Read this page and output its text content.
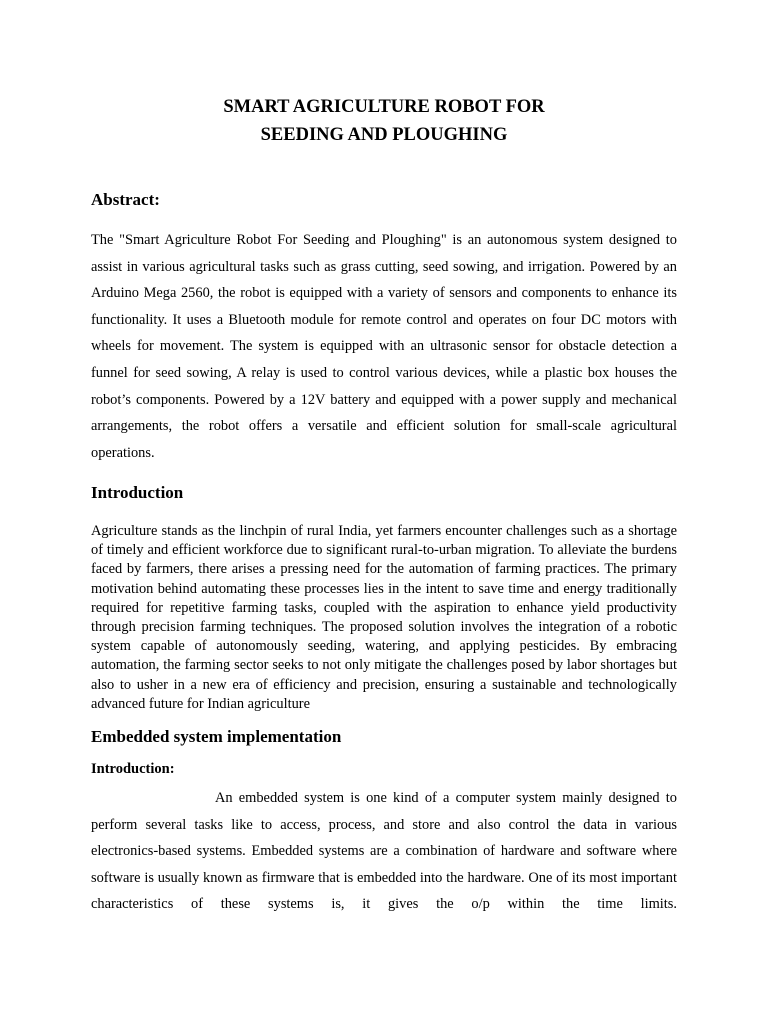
SMART AGRICULTURE ROBOT FOR
SEEDING AND PLOUGHING
Abstract:

The "Smart Agriculture Robot For Seeding and Ploughing" is an autonomous system designed to assist in various agricultural tasks such as grass cutting, seed sowing, and irrigation. Powered by an Arduino Mega 2560, the robot is equipped with a variety of sensors and components to enhance its functionality. It uses a Bluetooth module for remote control and operates on four DC motors with wheels for movement. The system is equipped with an ultrasonic sensor for obstacle detection a funnel for seed sowing, A relay is used to control various devices, while a plastic box houses the robot’s components. Powered by a 12V battery and equipped with a power supply and mechanical arrangements, the robot offers a versatile and efficient solution for small-scale agricultural operations.

Introduction

Agriculture stands as the linchpin of rural India, yet farmers encounter challenges such as a shortage of timely and efficient workforce due to significant rural-to-urban migration. To alleviate the burdens faced by farmers, there arises a pressing need for the automation of farming practices. The primary motivation behind automating these processes lies in the intent to save time and energy traditionally required for repetitive farming tasks, coupled with the aspiration to enhance yield productivity through precision farming techniques. The proposed solution involves the integration of a robotic system capable of autonomously seeding, watering, and applying pesticides. By embracing automation, the farming sector seeks to not only mitigate the challenges posed by labor shortages but also to usher in a new era of efficiency and precision, ensuring a sustainable and technologically advanced future for Indian agriculture

Embedded system implementation
Introduction:

An embedded system is one kind of a computer system mainly designed to perform several tasks like to access, process, and store and also control the data in various electronics-based systems. Embedded systems are a combination of hardware and software where software is usually known as firmware that is embedded into the hardware. One of its most important characteristics of these systems is, it gives the o/p within the time limits.
